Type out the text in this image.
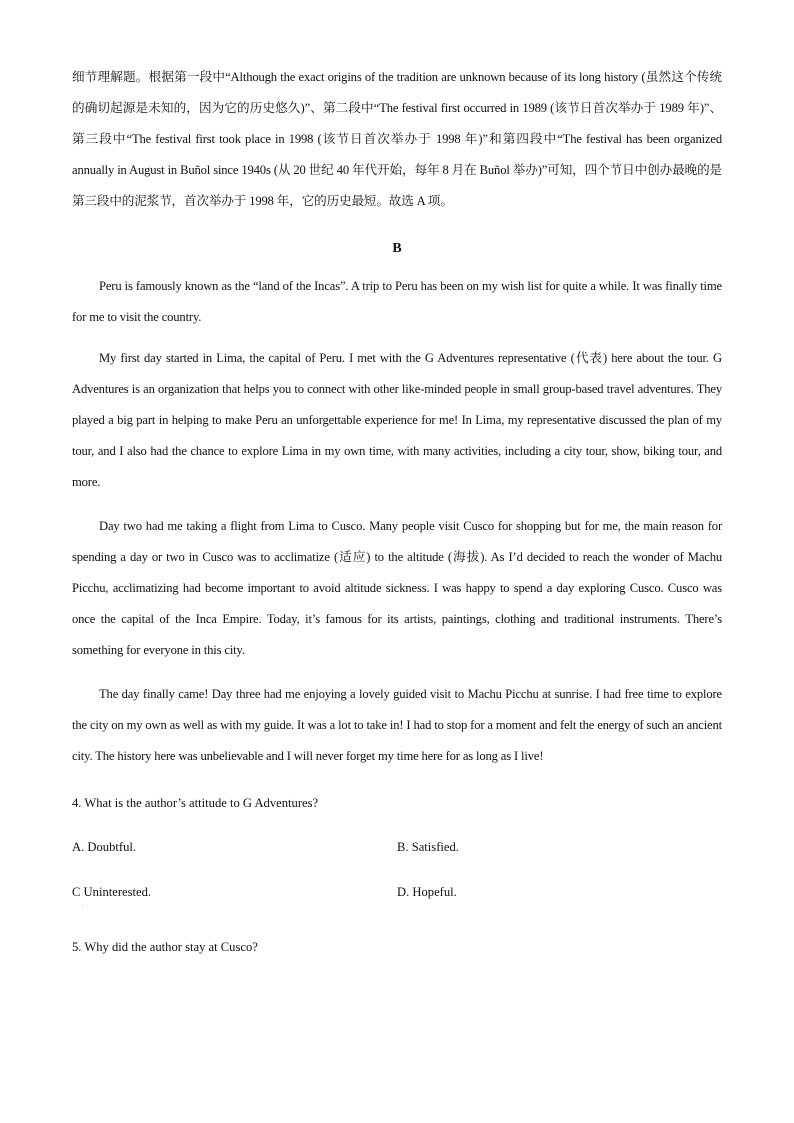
细节理解题。根据第一段中“Although the exact origins of the tradition are unknown because of its long history (虽然这个传统的确切起源是未知的，因为它的历史悠久)”、第二段中“The festival first occurred in 1989 (该节日首次举办于 1989 年)”、第三段中“The festival first took place in 1998 (该节日首次举办于 1998 年)”和第四段中“The festival has been organized annually in August in Buñol since 1940s (从 20 世纪 40 年代开始，每年 8 月在 Buñol 举办)”可知，四个节日中创办最晚的是第三段中的泥浆节，首次举办于 1998 年，它的历史最短。故选 A 项。

B

Peru is famously known as the “land of the Incas”. A trip to Peru has been on my wish list for quite a while. It was finally time for me to visit the country.

My first day started in Lima, the capital of Peru. I met with the G Adventures representative (代表) here about the tour. G Adventures is an organization that helps you to connect with other like-minded people in small group-based travel adventures. They played a big part in helping to make Peru an unforgettable experience for me! In Lima, my representative discussed the plan of my tour, and I also had the chance to explore Lima in my own time, with many activities, including a city tour, show, biking tour, and more.

Day two had me taking a flight from Lima to Cusco. Many people visit Cusco for shopping but for me, the main reason for spending a day or two in Cusco was to acclimatize (适应) to the altitude (海拔). As I’d decided to reach the wonder of Machu Picchu, acclimatizing had become important to avoid altitude sickness. I was happy to spend a day exploring Cusco. Cusco was once the capital of the Inca Empire. Today, it’s famous for its artists, paintings, clothing and traditional instruments. There’s something for everyone in this city.

The day finally came! Day three had me enjoying a lovely guided visit to Machu Picchu at sunrise. I had free time to explore the city on my own as well as with my guide. It was a lot to take in! I had to stop for a moment and felt the energy of such an ancient city. The history here was unbelievable and I will never forget my time here for as long as I live!

4. What is the author’s attitude to G Adventures?

A. Doubtful.	B. Satisfied.
C Uninterested.	D. Hopeful.
.

5. Why did the author stay at Cusco?
